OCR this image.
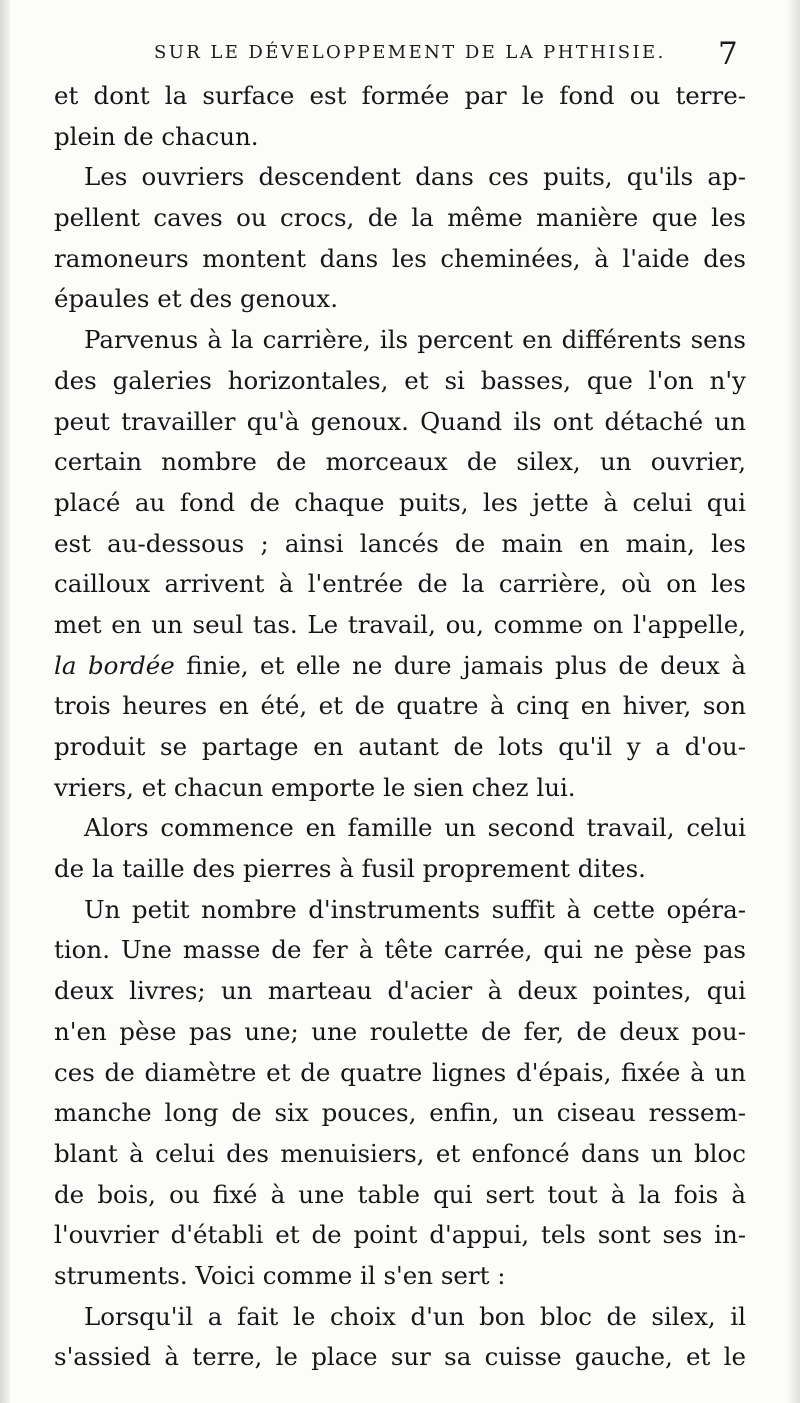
SUR LE DÉVELOPPEMENT DE LA PHTHISIE. 7
et dont la surface est formée par le fond ou terre-
plein de chacun.
Les ouvriers descendent dans ces puits, qu'ils ap-
pellent caves ou crocs, de la même manière que les
ramoneurs montent dans les cheminées, à l'aide des
épaules et des genoux.
Parvenus à la carrière, ils percent en différents sens
des galeries horizontales, et si basses, que l'on n'y
peut travailler qu'à genoux. Quand ils ont détaché un
certain nombre de morceaux de silex, un ouvrier,
placé au fond de chaque puits, les jette à celui qui
est au-dessous ; ainsi lancés de main en main, les
cailloux arrivent à l'entrée de la carrière, où on les
met en un seul tas. Le travail, ou, comme on l'appelle,
la bordée finie, et elle ne dure jamais plus de deux à
trois heures en été, et de quatre à cinq en hiver, son
produit se partage en autant de lots qu'il y a d'ou-
vriers, et chacun emporte le sien chez lui.
Alors commence en famille un second travail, celui
de la taille des pierres à fusil proprement dites.
Un petit nombre d'instruments suffit à cette opéra-
tion. Une masse de fer à tête carrée, qui ne pèse pas
deux livres; un marteau d'acier à deux pointes, qui
n'en pèse pas une; une roulette de fer, de deux pou-
ces de diamètre et de quatre lignes d'épais, fixée à un
manche long de six pouces, enfin, un ciseau ressem-
blant à celui des menuisiers, et enfoncé dans un bloc
de bois, ou fixé à une table qui sert tout à la fois à
l'ouvrier d'établi et de point d'appui, tels sont ses in-
struments. Voici comme il s'en sert :
Lorsqu'il a fait le choix d'un bon bloc de silex, il
s'assied à terre, le place sur sa cuisse gauche, et le
